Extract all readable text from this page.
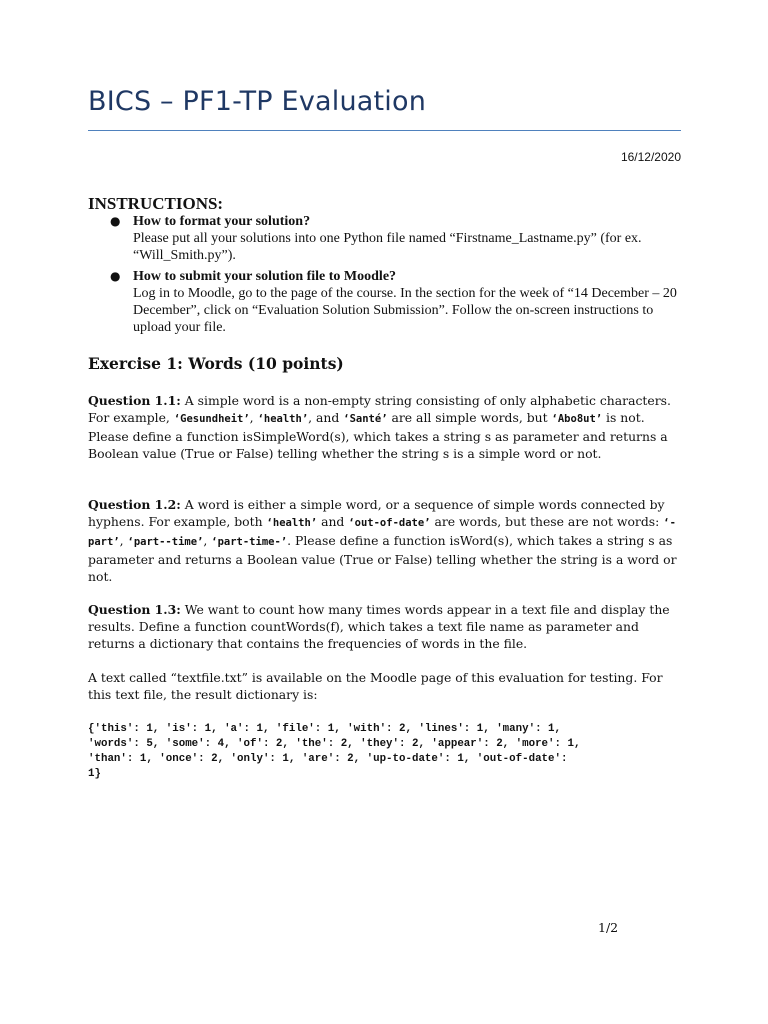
BICS – PF1-TP Evaluation
16/12/2020
INSTRUCTIONS:
● How to format your solution?
Please put all your solutions into one Python file named “Firstname_Lastname.py” (for ex. “Will_Smith.py”).
● How to submit your solution file to Moodle?
Log in to Moodle, go to the page of the course. In the section for the week of “14 December – 20 December”, click on “Evaluation Solution Submission”. Follow the on-screen instructions to upload your file.
Exercise 1: Words (10 points)
Question 1.1: A simple word is a non-empty string consisting of only alphabetic characters. For example, ‘Gesundheit’, ‘health’, and ‘Santé’ are all simple words, but ‘Abo8ut’ is not. Please define a function isSimpleWord(s), which takes a string s as parameter and returns a Boolean value (True or False) telling whether the string s is a simple word or not.
Question 1.2: A word is either a simple word, or a sequence of simple words connected by hyphens. For example, both ‘health’ and ‘out-of-date’ are words, but these are not words: ‘-part’, ‘part--time’, ‘part-time-’. Please define a function isWord(s), which takes a string s as parameter and returns a Boolean value (True or False) telling whether the string is a word or not.
Question 1.3: We want to count how many times words appear in a text file and display the results. Define a function countWords(f), which takes a text file name as parameter and returns a dictionary that contains the frequencies of words in the file.
A text called “textfile.txt” is available on the Moodle page of this evaluation for testing. For this text file, the result dictionary is:
{'this': 1, 'is': 1, 'a': 1, 'file': 1, 'with': 2, 'lines': 1, 'many': 1,
'words': 5, 'some': 4, 'of': 2, 'the': 2, 'they': 2, 'appear': 2, 'more': 1,
'than': 1, 'once': 2, 'only': 1, 'are': 2, 'up-to-date': 1, 'out-of-date':
1}
1/2
